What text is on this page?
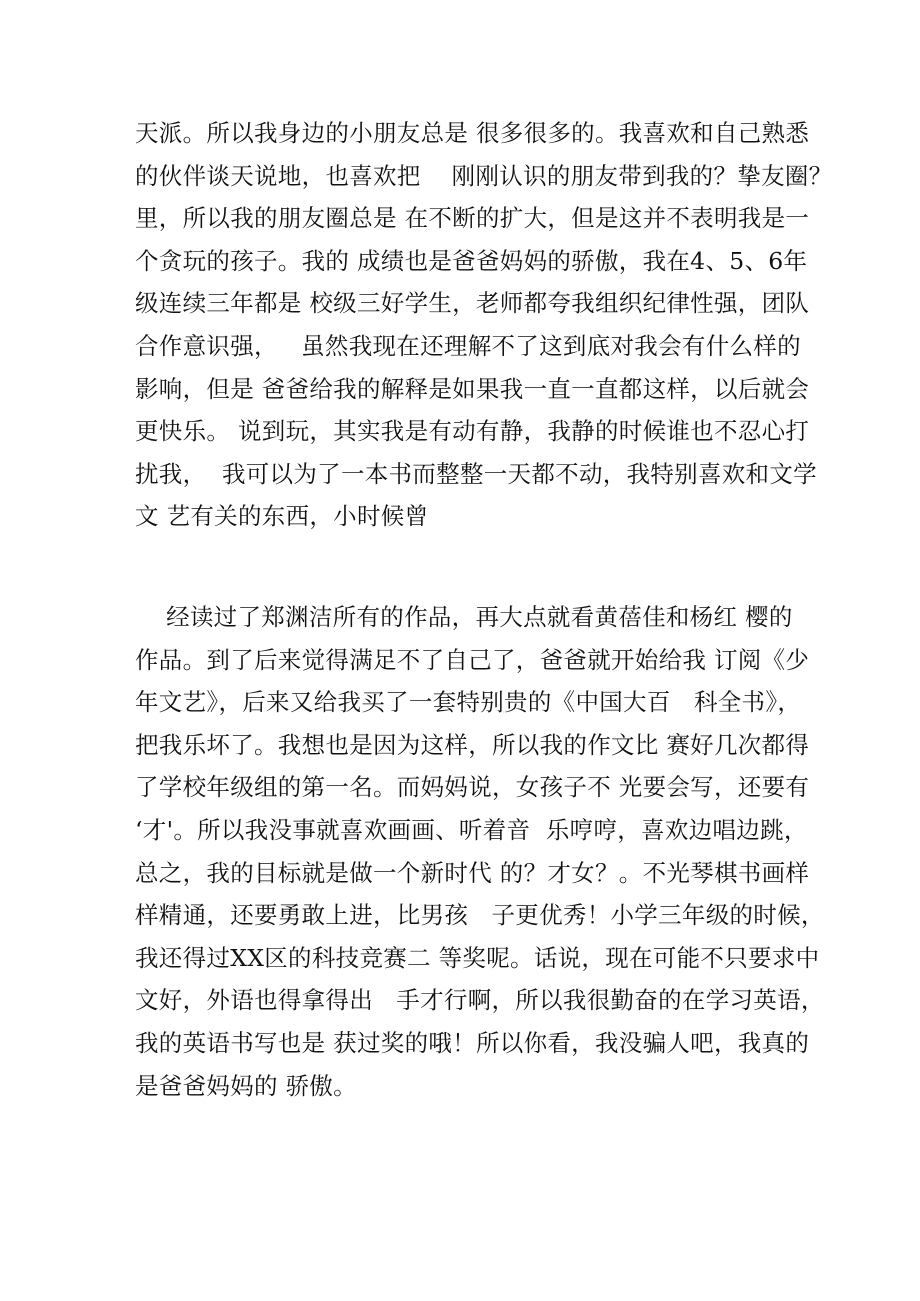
天派。所以我身边的小朋友总是 很多很多的。我喜欢和自己熟悉
的伙伴谈天说地，也喜欢把    刚刚认识的朋友带到我的？挚友圈？
里，所以我的朋友圈总是 在不断的扩大，但是这并不表明我是一
个贪玩的孩子。我的 成绩也是爸爸妈妈的骄傲，我在4、5、6年
级连续三年都是 校级三好学生，老师都夸我组织纪律性强，团队
合作意识强，   虽然我现在还理解不了这到底对我会有什么样的
影响，但是 爸爸给我的解释是如果我一直一直都这样，以后就会
更快乐。 说到玩，其实我是有动有静，我静的时候谁也不忍心打
扰我，  我可以为了一本书而整整一天都不动，我特别喜欢和文学
文 艺有关的东西，小时候曾
经读过了郑渊洁所有的作品，再大点就看黄蓓佳和杨红 樱的
作品。到了后来觉得满足不了自己了，爸爸就开始给我 订阅《少
年文艺》，后来又给我买了一套特别贵的《中国大百   科全书》，
把我乐坏了。我想也是因为这样，所以我的作文比 赛好几次都得
了学校年级组的第一名。而妈妈说，女孩子不 光要会写，还要有
‘才'。所以我没事就喜欢画画、听着音  乐哼哼，喜欢边唱边跳，
总之，我的目标就是做一个新时代 的？才女？。不光琴棋书画样
样精通，还要勇敢上进，比男孩   子更优秀！小学三年级的时候，
我还得过XX区的科技竞赛二 等奖呢。话说，现在可能不只要求中
文好，外语也得拿得出   手才行啊，所以我很勤奋的在学习英语，
我的英语书写也是 获过奖的哦！所以你看，我没骗人吧，我真的
是爸爸妈妈的 骄傲。
